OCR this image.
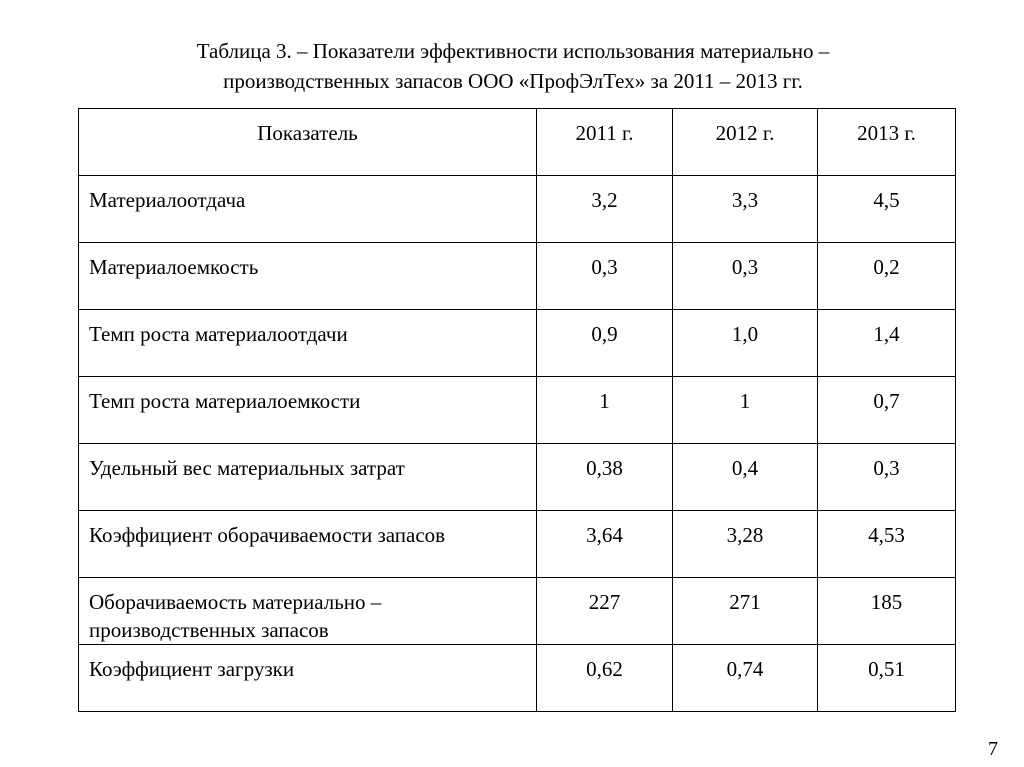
Таблица 3. – Показатели эффективности использования материально –
производственных запасов ООО «ПрофЭлТех» за 2011 – 2013 гг.
Показатель	2011 г.	2012 г.	2013 г.
Материалоотдача	3,2	3,3	4,5
Материалоемкость	0,3	0,3	0,2
Темп роста материалоотдачи	0,9	1,0	1,4
Темп роста материалоемкости	1	1	0,7
Удельный вес материальных затрат	0,38	0,4	0,3
Коэффициент оборачиваемости запасов	3,64	3,28	4,53

Оборачиваемость материально –
производственных запасов	227	271	185
Коэффициент загрузки	0,62	0,74	0,51
7
